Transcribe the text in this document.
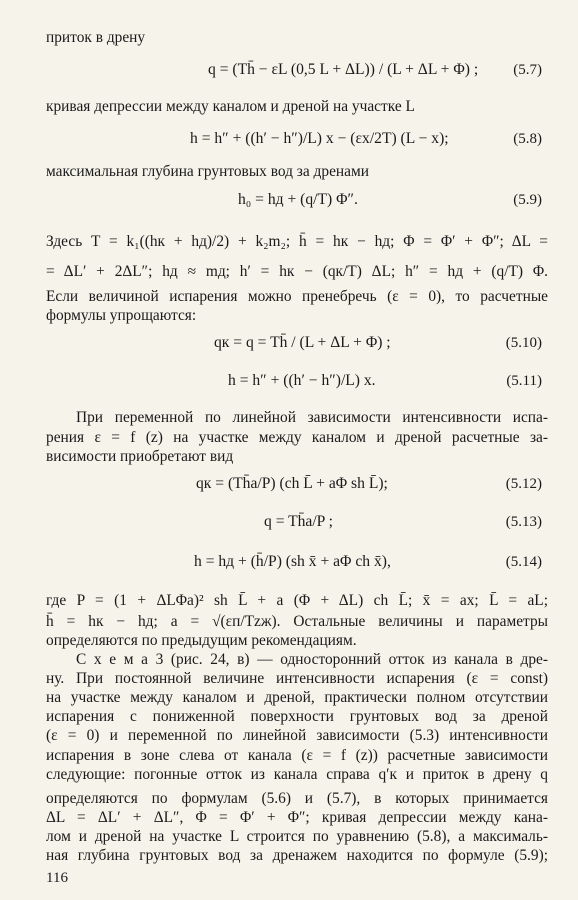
приток в дрену
q = (Th̄ − εL (0,5 L + ΔL)) / (L + ΔL + Φ) ; (5.7)
кривая депрессии между каналом и дреной на участке L
h = h″ + ((h′ − h″)/L) x − (εx/2T) (L − x);	(5.8)
максимальная глубина грунтовых вод за дренами
h₀ = hд + (q/T) Φ″.	(5.9)
Здесь T = k₁((hк + hд)/2) + k₂m₂; h̄ = hк − hд; Φ = Φ′ + Φ″; ΔL =
= ΔL′ + 2ΔL″; hд ≈ mд; h′ = hк − (qк/T) ΔL; h″ = hд + (q/T) Φ.
Если величиной испарения можно пренебречь (ε = 0), то расчетные
формулы упрощаются:
qк = q = Th̄ / (L + ΔL + Φ) ;	(5.10)
h = h″ + ((h′ − h″)/L) x.	(5.11)
При переменной по линейной зависимости интенсивности испа-
рения ε = f (z) на участке между каналом и дреной расчетные за-
висимости приобретают вид
qк = (Th̄a/P) (ch L̄ + aΦ sh L̄);	(5.12)
q = Th̄a/P ;	(5.13)
h = hд + (h̄/P) (sh x̄ + aΦ ch x̄),	(5.14)
где P = (1 + ΔLΦa)² sh L̄ + a (Φ + ΔL) ch L̄; x̄ = ax; L̄ = aL;
h̄ = hк − hд; a = √(εп/Tzж). Остальные величины и параметры
определяются по предыдущим рекомендациям.
С х е м а 3 (рис. 24, в) — односторонний отток из канала в дре-
ну. При постоянной величине интенсивности испарения (ε = const)
на участке между каналом и дреной, практически полном отсутствии
испарения с пониженной поверхности грунтовых вод за дреной
(ε = 0) и переменной по линейной зависимости (5.3) интенсивности
испарения в зоне слева от канала (ε = f (z)) расчетные зависимости
следующие: погонные отток из канала справа q′к и приток в дрену q
определяются по формулам (5.6) и (5.7), в которых принимается
ΔL = ΔL′ + ΔL″, Φ = Φ′ + Φ″; кривая депрессии между кана-
лом и дреной на участке L строится по уравнению (5.8), а максималь-
ная глубина грунтовых вод за дренажем находится по формуле (5.9);
116
